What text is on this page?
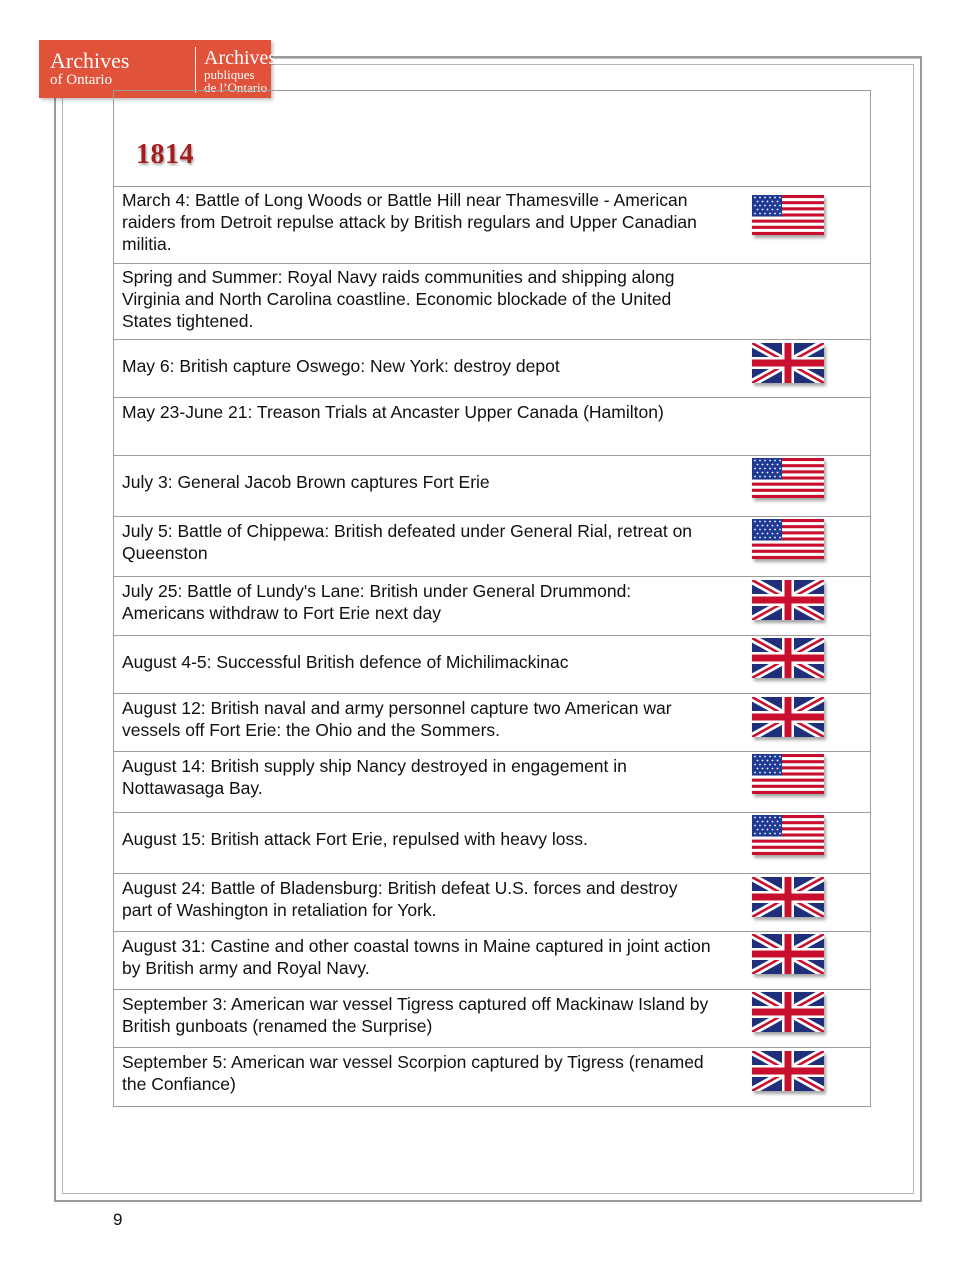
Archives
of Ontario
Archives
publiques
de l’Ontario
1814
March 4: Battle of Long Woods or Battle Hill near Thamesville - American raiders from Detroit repulse attack by British regulars and Upper Canadian militia.
Spring and Summer: Royal Navy raids communities and shipping along Virginia and North Carolina coastline. Economic blockade of the United States tightened.
May 6: British capture Oswego: New York: destroy depot
May 23-June 21: Treason Trials at Ancaster Upper Canada (Hamilton)
July 3: General Jacob Brown captures Fort Erie
July 5: Battle of Chippewa: British defeated under General Rial, retreat on Queenston
July 25: Battle of Lundy's Lane: British under General Drummond: Americans withdraw to Fort Erie next day
August 4-5: Successful British defence of Michilimackinac
August 12: British naval and army personnel capture two American war vessels off Fort Erie: the Ohio and the Sommers.
August 14: British supply ship Nancy destroyed in engagement in Nottawasaga Bay.
August 15: British attack Fort Erie, repulsed with heavy loss.
August 24: Battle of Bladensburg: British defeat U.S. forces and destroy part of Washington in retaliation for York.
August 31: Castine and other coastal towns in Maine captured in joint action by British army and Royal Navy.
September 3: American war vessel Tigress captured off Mackinaw Island by British gunboats (renamed the Surprise)
September 5: American war vessel Scorpion captured by Tigress (renamed the Confiance)
9
